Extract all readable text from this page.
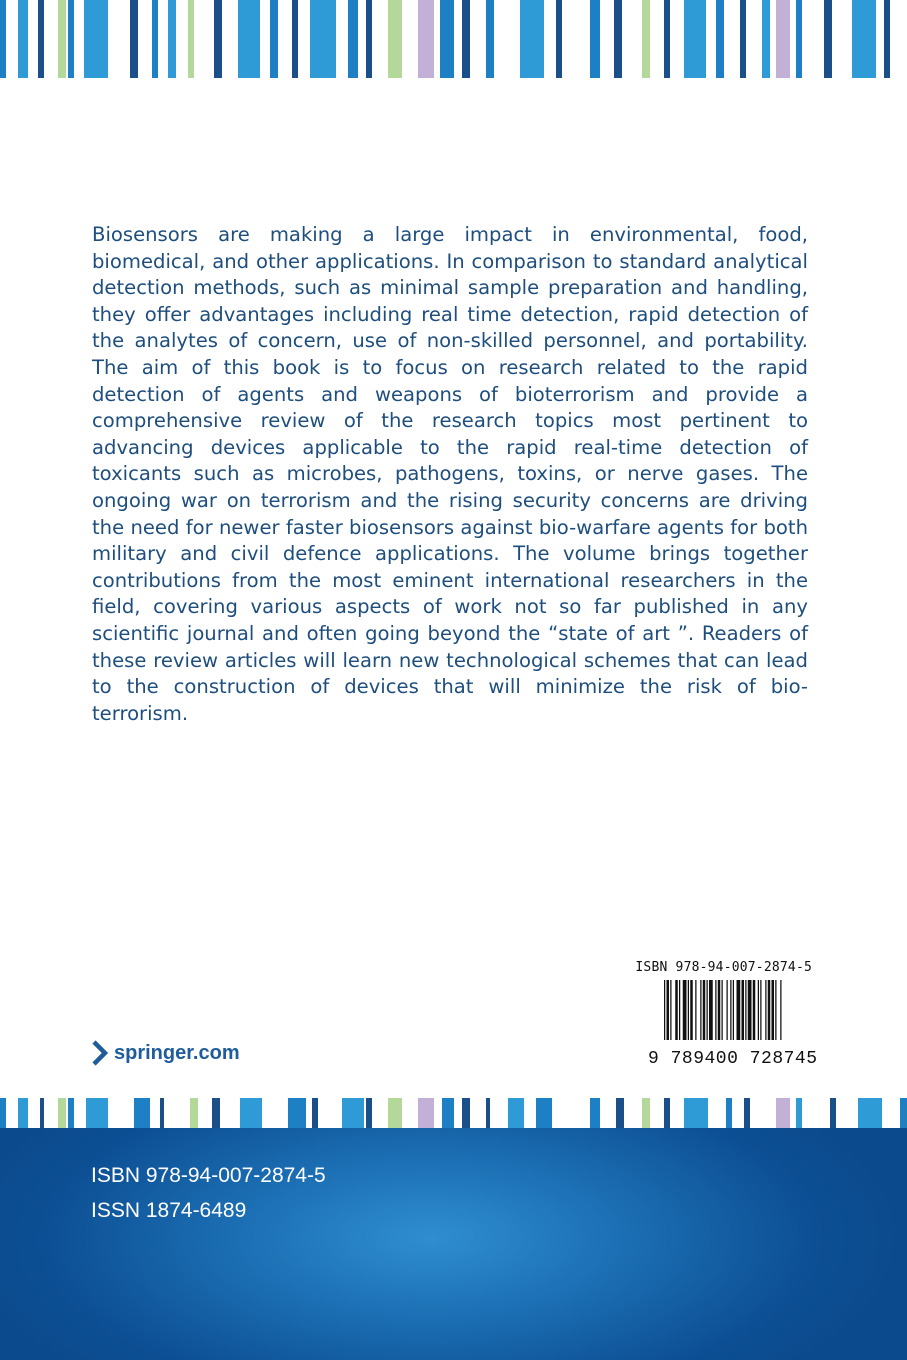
Biosensors are making a large impact in environmental, food, biomedical, and other applications. In comparison to standard analytical detection methods, such as minimal sample preparation and handling, they offer advantages including real time detection, rapid detection of the analytes of concern, use of non-skilled personnel, and portability. The aim of this book is to focus on research related to the rapid detection of agents and weapons of bioterrorism and provide a comprehensive review of the research topics most pertinent to advancing devices applicable to the rapid real-time detection of toxicants such as microbes, pathogens, toxins, or nerve gases. The ongoing war on terrorism and the rising security concerns are driving the need for newer faster biosensors against bio-warfare agents for both military and civil defence applications. The volume brings together contributions from the most eminent international researchers in the field, covering various aspects of work not so far published in any scientific journal and often going beyond the “state of art ”. Readers of these review articles will learn new technological schemes that can lead to the construction of devices that will minimize the risk of bio-terrorism.

ISBN 978-94-007-2874-5
9 789400 728745
springer.com
ISBN 978-94-007-2874-5
ISSN 1874-6489
